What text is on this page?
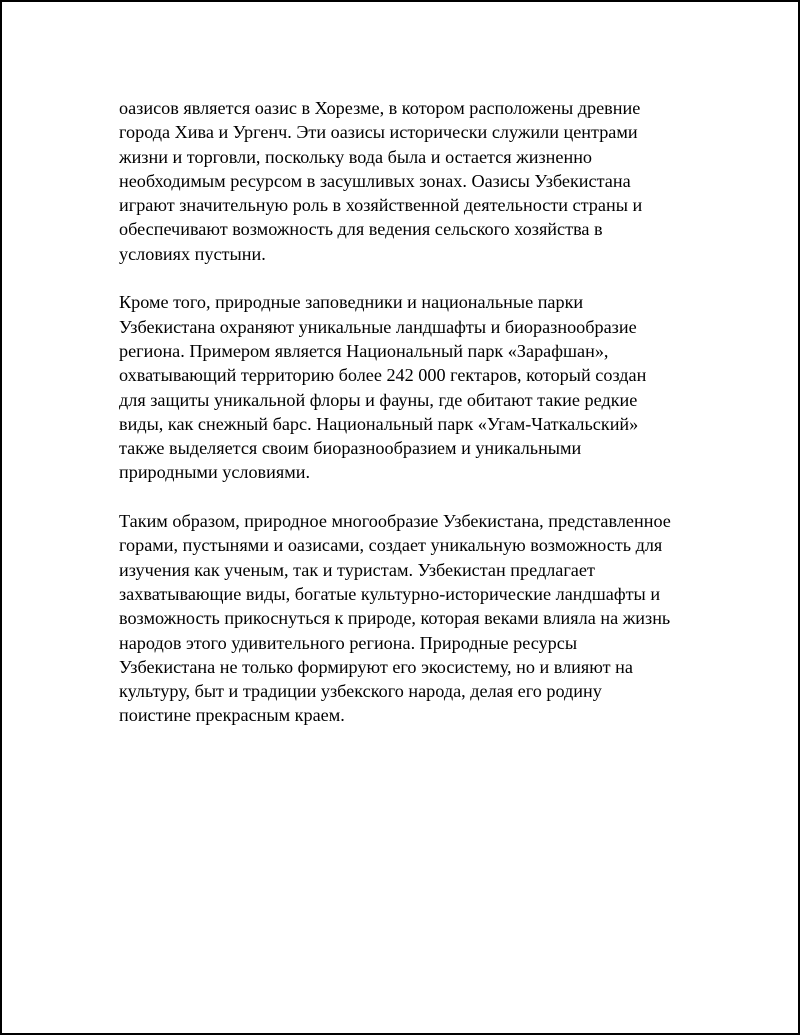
оазисов является оазис в Хорезме, в котором расположены древние
города Хива и Ургенч. Эти оазисы исторически служили центрами
жизни и торговли, поскольку вода была и остается жизненно
необходимым ресурсом в засушливых зонах. Оазисы Узбекистана
играют значительную роль в хозяйственной деятельности страны и
обеспечивают возможность для ведения сельского хозяйства в
условиях пустыни.

Кроме того, природные заповедники и национальные парки
Узбекистана охраняют уникальные ландшафты и биоразнообразие
региона. Примером является Национальный парк «Зарафшан»,
охватывающий территорию более 242 000 гектаров, который создан
для защиты уникальной флоры и фауны, где обитают такие редкие
виды, как снежный барс. Национальный парк «Угам-Чаткальский»
также выделяется своим биоразнообразием и уникальными
природными условиями.

Таким образом, природное многообразие Узбекистана, представленное
горами, пустынями и оазисами, создает уникальную возможность для
изучения как ученым, так и туристам. Узбекистан предлагает
захватывающие виды, богатые культурно-исторические ландшафты и
возможность прикоснуться к природе, которая веками влияла на жизнь
народов этого удивительного региона. Природные ресурсы
Узбекистана не только формируют его экосистему, но и влияют на
культуру, быт и традиции узбекского народа, делая его родину
поистине прекрасным краем.
